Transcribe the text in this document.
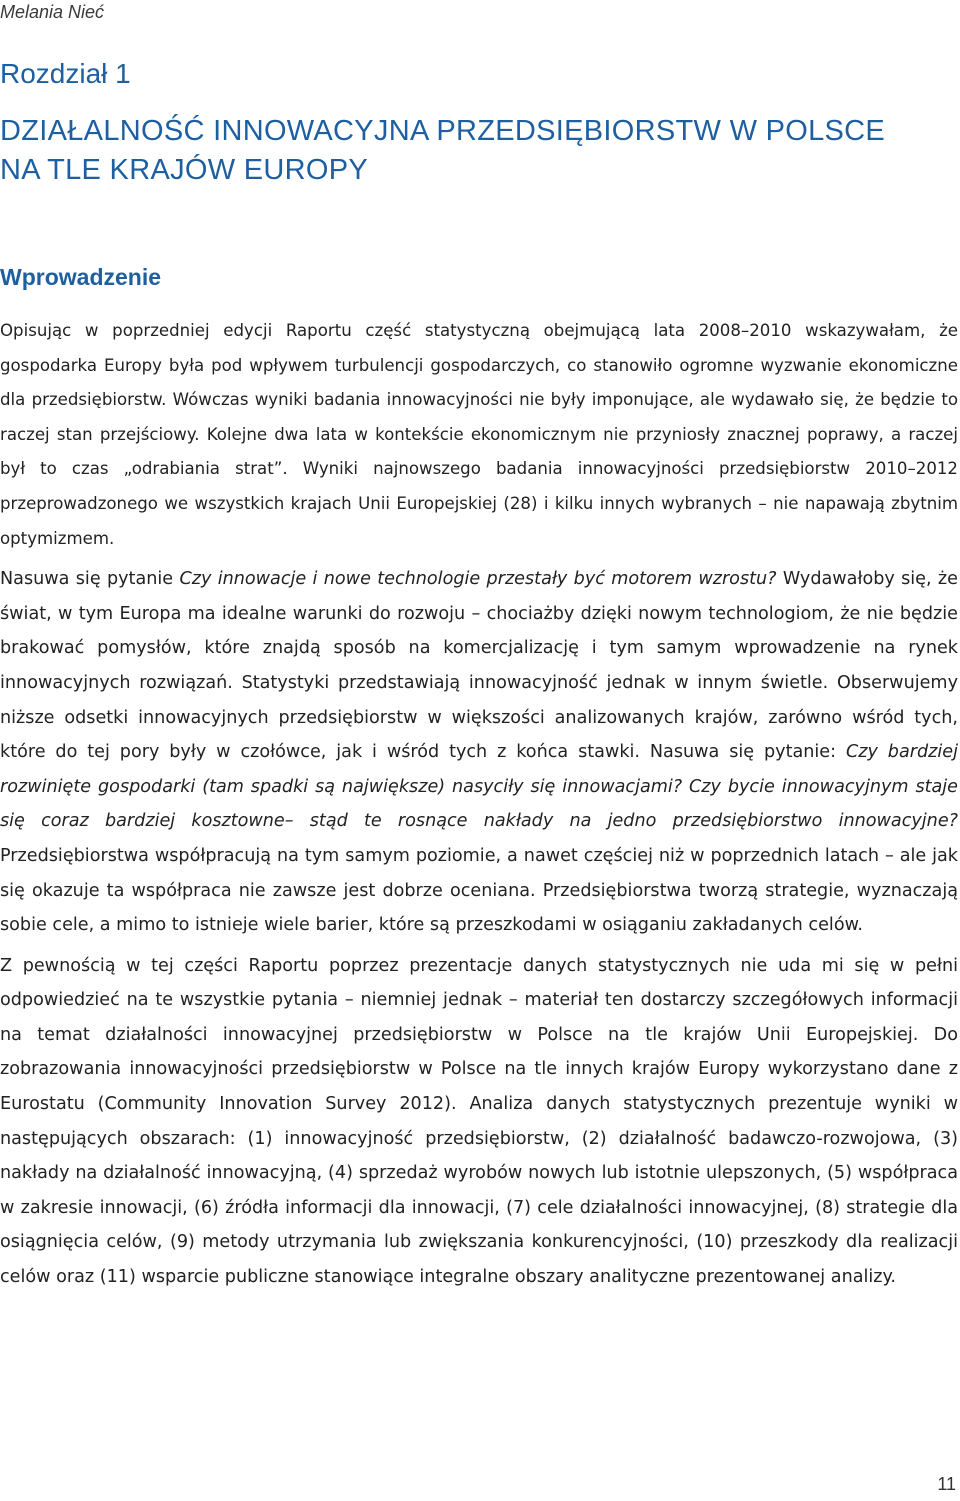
Melania Nieć
Rozdział 1
DZIAŁALNOŚĆ INNOWACYJNA PRZEDSIĘBIORSTW W POLSCE
NA TLE KRAJÓW EUROPY
Wprowadzenie

Opisując w poprzedniej edycji Raportu część statystyczną obejmującą lata 2008–2010 wskazywałam, że gospodarka Europy była pod wpływem turbulencji gospodarczych, co stanowiło ogromne wyzwanie ekonomiczne dla przedsiębiorstw. Wówczas wyniki badania innowacyjności nie były imponujące, ale wydawało się, że będzie to raczej stan przejściowy. Kolejne dwa lata w kontekście ekonomicznym nie przyniosły znacznej poprawy, a raczej był to czas „odrabiania strat”. Wyniki najnowszego badania innowacyjności przedsiębiorstw 2010–2012 przeprowadzonego we wszystkich krajach Unii Europejskiej (28) i kilku innych wybranych – nie napawają zbytnim optymizmem.

Nasuwa się pytanie Czy innowacje i nowe technologie przestały być motorem wzrostu? Wydawałoby się, że świat, w tym Europa ma idealne warunki do rozwoju – chociażby dzięki nowym technologiom, że nie będzie brakować pomysłów, które znajdą sposób na komercjalizację i tym samym wprowadzenie na rynek innowacyjnych rozwiązań. Statystyki przedstawiają innowacyjność jednak w innym świetle. Obserwujemy niższe odsetki innowacyjnych przedsiębiorstw w większości analizowanych krajów, zarówno wśród tych, które do tej pory były w czołówce, jak i wśród tych z końca stawki. Nasuwa się pytanie: Czy bardziej rozwinięte gospodarki (tam spadki są największe) nasyciły się innowacjami? Czy bycie innowacyjnym staje się coraz bardziej kosztowne– stąd te rosnące nakłady na jedno przedsiębiorstwo innowacyjne? Przedsiębiorstwa współpracują na tym samym poziomie, a nawet częściej niż w poprzednich latach – ale jak się okazuje ta współpraca nie zawsze jest dobrze oceniana. Przedsiębiorstwa tworzą strategie, wyznaczają sobie cele, a mimo to istnieje wiele barier, które są przeszkodami w osiąganiu zakładanych celów.

Z pewnością w tej części Raportu poprzez prezentacje danych statystycznych nie uda mi się w pełni odpowiedzieć na te wszystkie pytania – niemniej jednak – materiał ten dostarczy szczegółowych informacji na temat działalności innowacyjnej przedsiębiorstw w Polsce na tle krajów Unii Europejskiej. Do zobrazowania innowacyjności przedsiębiorstw w Polsce na tle innych krajów Europy wykorzystano dane z Eurostatu (Community Innovation Survey 2012). Analiza danych statystycznych prezentuje wyniki w następujących obszarach: (1) innowacyjność przedsiębiorstw, (2) działalność badawczo-rozwojowa, (3) nakłady na działalność innowacyjną, (4) sprzedaż wyrobów nowych lub istotnie ulepszonych, (5) współpraca w zakresie innowacji, (6) źródła informacji dla innowacji, (7) cele działalności innowacyjnej, (8) strategie dla osiągnięcia celów, (9) metody utrzymania lub zwiększania konkurencyjności, (10) przeszkody dla realizacji celów oraz (11) wsparcie publiczne stanowiące integralne obszary analityczne prezentowanej analizy.

11
